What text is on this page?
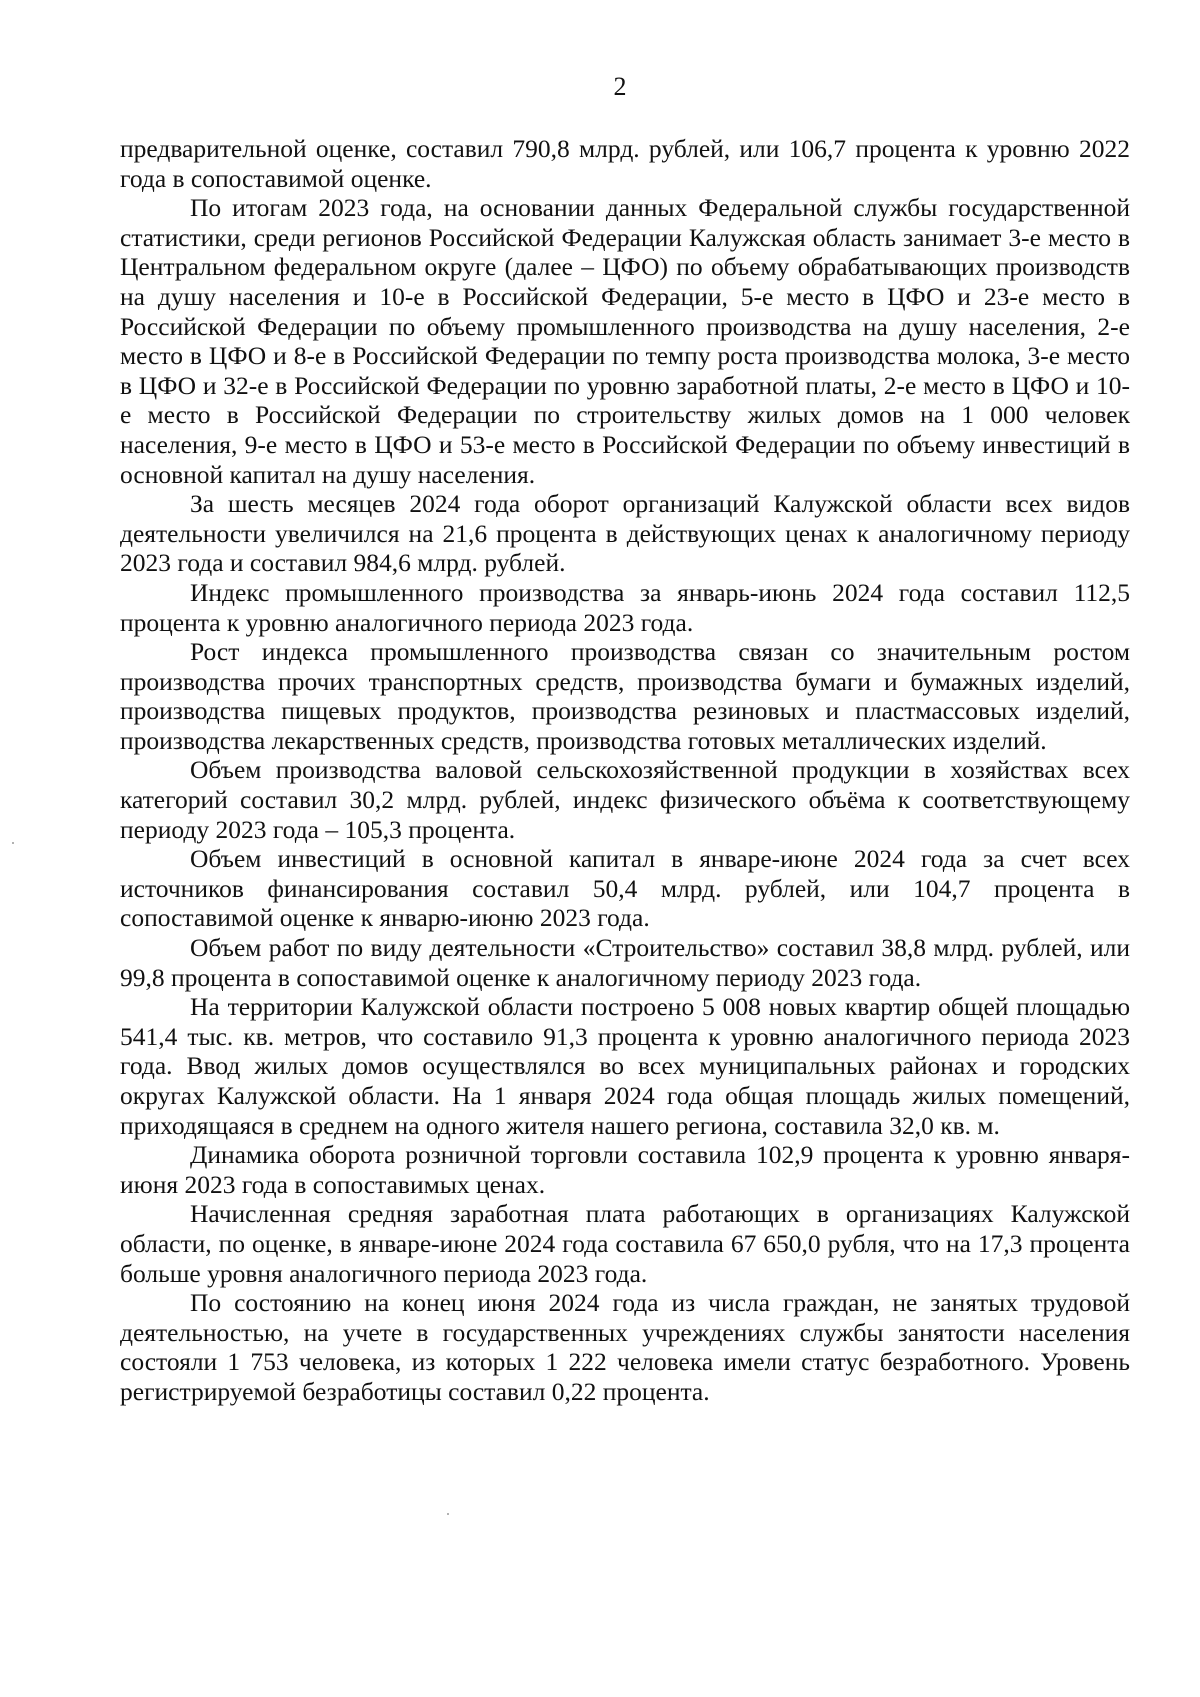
2

предварительной оценке, составил 790,8 млрд. рублей, или 106,7 процента к уровню 2022 года в сопоставимой оценке.

По итогам 2023 года, на основании данных Федеральной службы государственной статистики, среди регионов Российской Федерации Калужская область занимает 3-е место в Центральном федеральном округе (далее – ЦФО) по объему обрабатывающих производств на душу населения и 10-е в Российской Федерации, 5-е место в ЦФО и 23-е место в Российской Федерации по объему промышленного производства на душу населения, 2-е место в ЦФО и 8-е в Российской Федерации по темпу роста производства молока, 3-е место в ЦФО и 32-е в Российской Федерации по уровню заработной платы, 2-е место в ЦФО и 10-е место в Российской Федерации по строительству жилых домов на 1 000 человек населения, 9-е место в ЦФО и 53-е место в Российской Федерации по объему инвестиций в основной капитал на душу населения.

За шесть месяцев 2024 года оборот организаций Калужской области всех видов деятельности увеличился на 21,6 процента в действующих ценах к аналогичному периоду 2023 года и составил 984,6 млрд. рублей.

Индекс промышленного производства за январь-июнь 2024 года составил 112,5 процента к уровню аналогичного периода 2023 года.

Рост индекса промышленного производства связан со значительным ростом производства прочих транспортных средств, производства бумаги и бумажных изделий, производства пищевых продуктов, производства резиновых и пластмассовых изделий, производства лекарственных средств, производства готовых металлических изделий.

Объем производства валовой сельскохозяйственной продукции в хозяйствах всех категорий составил 30,2 млрд. рублей, индекс физического объёма к соответствующему периоду 2023 года – 105,3 процента.

Объем инвестиций в основной капитал в январе-июне 2024 года за счет всех источников финансирования составил 50,4 млрд. рублей, или 104,7 процента в сопоставимой оценке к январю-июню 2023 года.

Объем работ по виду деятельности «Строительство» составил 38,8 млрд. рублей, или 99,8 процента в сопоставимой оценке к аналогичному периоду 2023 года.

На территории Калужской области построено 5 008 новых квартир общей площадью 541,4 тыс. кв. метров, что составило 91,3 процента к уровню аналогичного периода 2023 года. Ввод жилых домов осуществлялся во всех муниципальных районах и городских округах Калужской области. На 1 января 2024 года общая площадь жилых помещений, приходящаяся в среднем на одного жителя нашего региона, составила 32,0 кв. м.

Динамика оборота розничной торговли составила 102,9 процента к уровню января-июня 2023 года в сопоставимых ценах.

Начисленная средняя заработная плата работающих в организациях Калужской области, по оценке, в январе-июне 2024 года составила 67 650,0 рубля, что на 17,3 процента больше уровня аналогичного периода 2023 года.

По состоянию на конец июня 2024 года из числа граждан, не занятых трудовой деятельностью, на учете в государственных учреждениях службы занятости населения состояли 1 753 человека, из которых 1 222 человека имели статус безработного. Уровень регистрируемой безработицы составил 0,22 процента.
